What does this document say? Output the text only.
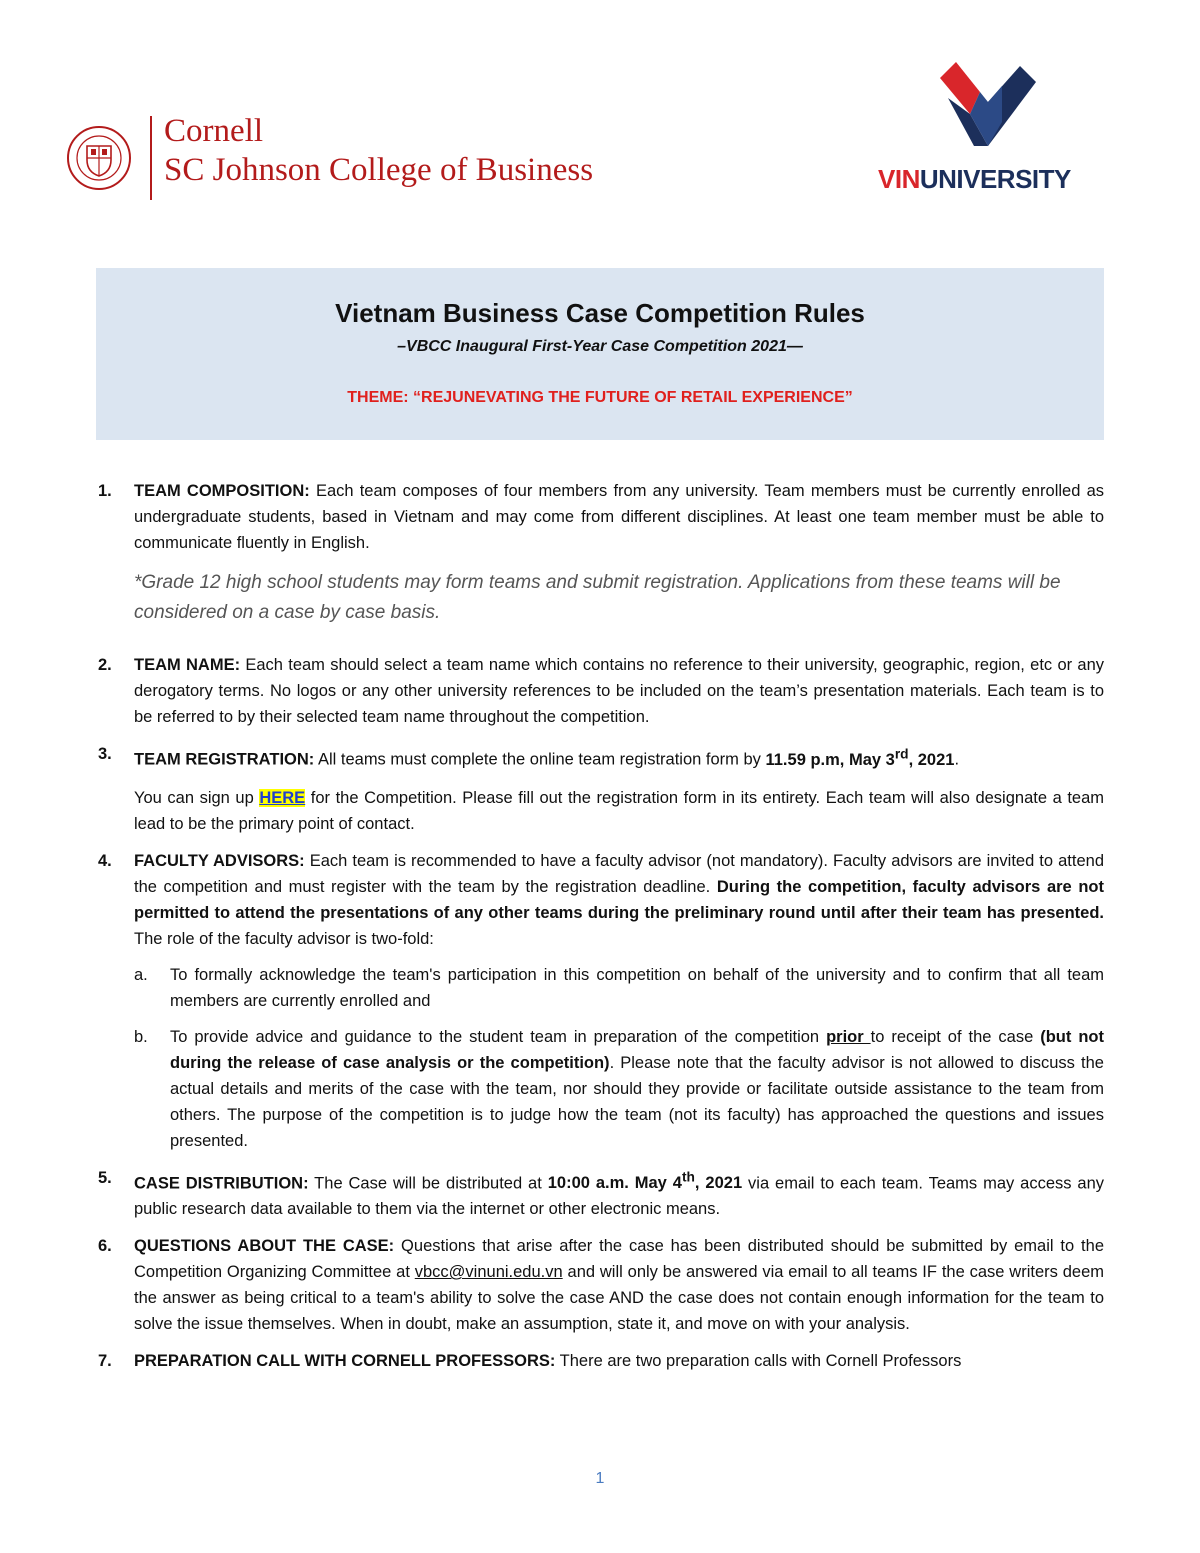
Cornell
SC Johnson College of Business	VINUNIVERSITY
Vietnam Business Case Competition Rules
–VBCC Inaugural First-Year Case Competition 2021—
THEME: “REJUNEVATING THE FUTURE OF RETAIL EXPERIENCE”
1. TEAM COMPOSITION: Each team composes of four members from any university. Team members must be currently enrolled as undergraduate students, based in Vietnam and may come from different disciplines. At least one team member must be able to communicate fluently in English.
*Grade 12 high school students may form teams and submit registration. Applications from these teams will be considered on a case by case basis.
2. TEAM NAME: Each team should select a team name which contains no reference to their university, geographic, region, etc or any derogatory terms. No logos or any other university references to be included on the team’s presentation materials. Each team is to be referred to by their selected team name throughout the competition.
3. TEAM REGISTRATION: All teams must complete the online team registration form by 11.59 p.m, May 3rd, 2021.
You can sign up HERE for the Competition. Please fill out the registration form in its entirety. Each team will also designate a team lead to be the primary point of contact.
4. FACULTY ADVISORS: Each team is recommended to have a faculty advisor (not mandatory). Faculty advisors are invited to attend the competition and must register with the team by the registration deadline. During the competition, faculty advisors are not permitted to attend the presentations of any other teams during the preliminary round until after their team has presented. The role of the faculty advisor is two-fold:
a. To formally acknowledge the team's participation in this competition on behalf of the university and to confirm that all team members are currently enrolled and
b. To provide advice and guidance to the student team in preparation of the competition prior to receipt of the case (but not during the release of case analysis or the competition). Please note that the faculty advisor is not allowed to discuss the actual details and merits of the case with the team, nor should they provide or facilitate outside assistance to the team from others. The purpose of the competition is to judge how the team (not its faculty) has approached the questions and issues presented.
5. CASE DISTRIBUTION: The Case will be distributed at 10:00 a.m. May 4th, 2021 via email to each team. Teams may access any public research data available to them via the internet or other electronic means.
6. QUESTIONS ABOUT THE CASE: Questions that arise after the case has been distributed should be submitted by email to the Competition Organizing Committee at vbcc@vinuni.edu.vn and will only be answered via email to all teams IF the case writers deem the answer as being critical to a team's ability to solve the case AND the case does not contain enough information for the team to solve the issue themselves. When in doubt, make an assumption, state it, and move on with your analysis.
7. PREPARATION CALL WITH CORNELL PROFESSORS: There are two preparation calls with Cornell Professors
1
